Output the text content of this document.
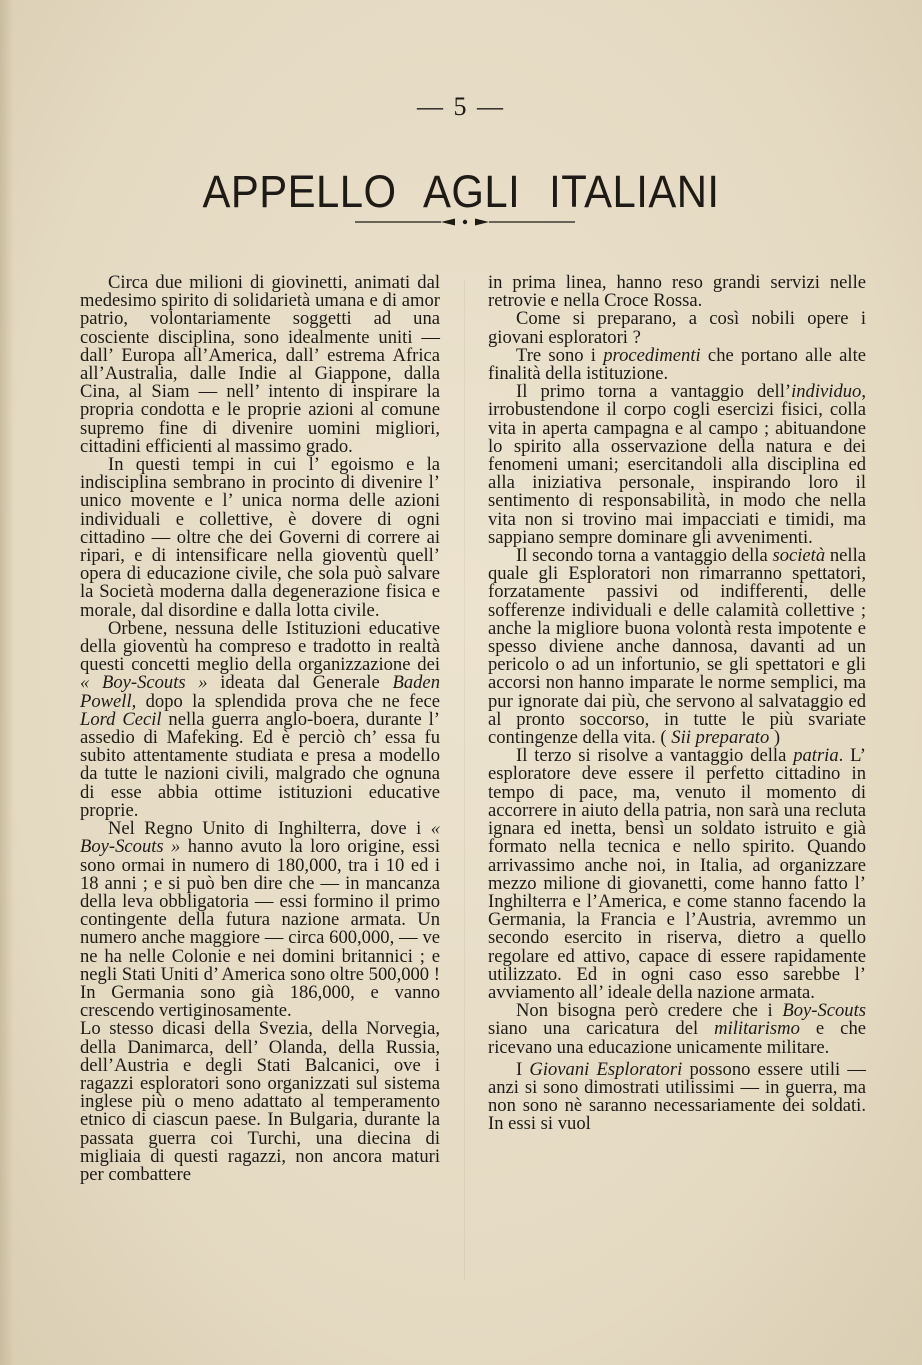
— 5 —
APPELLO AGLI ITALIANI

Circa due milioni di giovinetti, animati dal medesimo spirito di solidarietà umana e di amor patrio, volontariamente soggetti ad una cosciente disciplina, sono idealmente uniti — dall’ Europa all’America, dall’ estrema Africa all’Australia, dalle Indie al Giappone, dalla Cina, al Siam — nell’ intento di inspirare la propria condotta e le proprie azioni al comune supremo fine di divenire uomini migliori, cittadini efficienti al massimo grado.

In questi tempi in cui l’ egoismo e la indisciplina sembrano in procinto di divenire l’ unico movente e l’ unica norma delle azioni individuali e collettive, è dovere di ogni cittadino — oltre che dei Governi di correre ai ripari, e di intensificare nella gioventù quell’ opera di educazione civile, che sola può salvare la Società moderna dalla degenerazione fisica e morale, dal disordine e dalla lotta civile.

Orbene, nessuna delle Istituzioni educative della gioventù ha compreso e tradotto in realtà questi concetti meglio della organizzazione dei « Boy-Scouts » ideata dal Generale Baden Powell, dopo la splendida prova che ne fece Lord Cecil nella guerra anglo-boera, durante l’ assedio di Mafeking. Ed è perciò ch’ essa fu subito attentamente studiata e presa a modello da tutte le nazioni civili, malgrado che ognuna di esse abbia ottime istituzioni educative proprie.

Nel Regno Unito di Inghilterra, dove i « Boy-Scouts » hanno avuto la loro origine, essi sono ormai in numero di 180,000, tra i 10 ed i 18 anni ; e si può ben dire che — in mancanza della leva obbligatoria — essi formino il primo contingente della futura nazione armata. Un numero anche maggiore — circa 600,000, — ve ne ha nelle Colonie e nei domini britannici ; e negli Stati Uniti d’ America sono oltre 500,000 ! In Germania sono già 186,000, e vanno crescendo vertiginosamente.

Lo stesso dicasi della Svezia, della Norvegia, della Danimarca, dell’ Olanda, della Russia, dell’Austria e degli Stati Balcanici, ove i ragazzi esploratori sono organizzati sul sistema inglese più o meno adattato al temperamento etnico di ciascun paese. In Bulgaria, durante la passata guerra coi Turchi, una diecina di migliaia di questi ragazzi, non ancora maturi per combattere

in prima linea, hanno reso grandi servizi nelle retrovie e nella Croce Rossa.

Come si preparano, a così nobili opere i giovani esploratori ?

Tre sono i procedimenti che portano alle alte finalità della istituzione.

Il primo torna a vantaggio dell’individuo, irrobustendone il corpo cogli esercizi fisici, colla vita in aperta campagna e al campo ; abituandone lo spirito alla osservazione della natura e dei fenomeni umani; esercitandoli alla disciplina ed alla iniziativa personale, inspirando loro il sentimento di responsabilità, in modo che nella vita non si trovino mai impacciati e timidi, ma sappiano sempre dominare gli avvenimenti.

Il secondo torna a vantaggio della società nella quale gli Esploratori non rimarranno spettatori, forzatamente passivi od indifferenti, delle sofferenze individuali e delle calamità collettive ; anche la migliore buona volontà resta impotente e spesso diviene anche dannosa, davanti ad un pericolo o ad un infortunio, se gli spettatori e gli accorsi non hanno imparate le norme semplici, ma pur ignorate dai più, che servono al salvataggio ed al pronto soccorso, in tutte le più svariate contingenze della vita. ( Sii preparato )

Il terzo si risolve a vantaggio della patria. L’ esploratore deve essere il perfetto cittadino in tempo di pace, ma, venuto il momento di accorrere in aiuto della patria, non sarà una recluta ignara ed inetta, bensì un soldato istruito e già formato nella tecnica e nello spirito. Quando arrivassimo anche noi, in Italia, ad organizzare mezzo milione di giovanetti, come hanno fatto l’ Inghilterra e l’America, e come stanno facendo la Germania, la Francia e l’Austria, avremmo un secondo esercito in riserva, dietro a quello regolare ed attivo, capace di essere rapidamente utilizzato. Ed in ogni caso esso sarebbe l’ avviamento all’ ideale della nazione armata.

Non bisogna però credere che i Boy-Scouts siano una caricatura del militarismo e che ricevano una educazione unicamente militare.

I Giovani Esploratori possono essere utili — anzi si sono dimostrati utilissimi — in guerra, ma non sono nè saranno necessariamente dei soldati. In essi si vuol
